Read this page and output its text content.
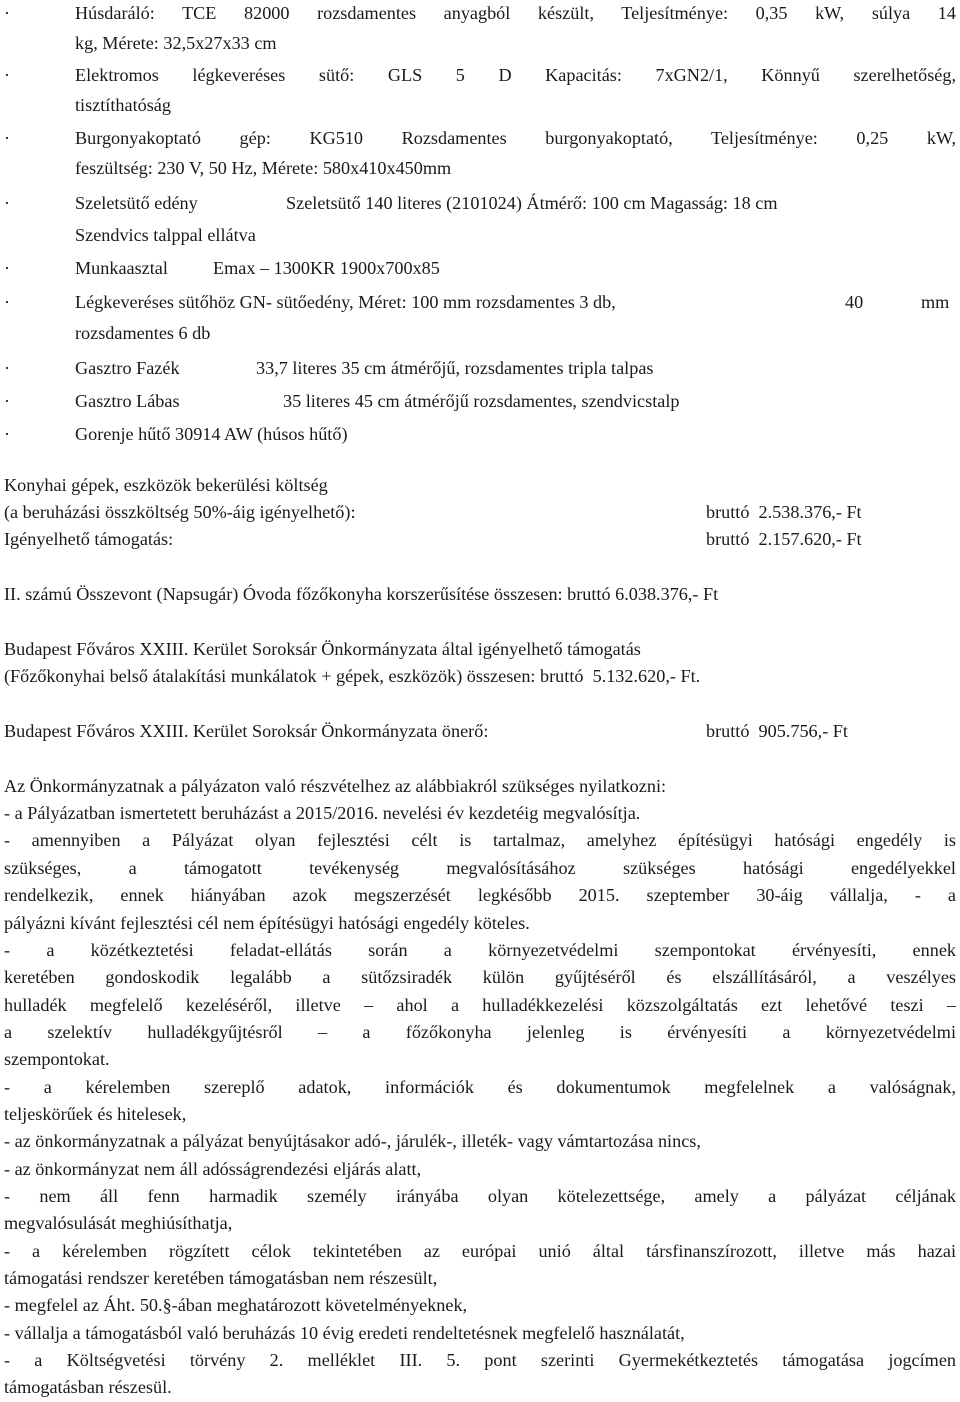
·	Húsdaráló: TCE 82000 rozsdamentes anyagból készült, Teljesítménye: 0,35 kW, súlya 14
kg, Mérete: 32,5x27x33 cm
·	Elektromos légkeveréses sütő: GLS 5 D Kapacitás: 7xGN2/1, Könnyű szerelhetőség,
tisztíthatóság
·	Burgonyakoptató gép: KG510 Rozsdamentes burgonyakoptató, Teljesítménye: 0,25 kW,
feszültség: 230 V, 50 Hz, Mérete: 580x410x450mm
·	Szeletsütő edény	Szeletsütő 140 literes (2101024) Átmérő: 100 cm Magasság: 18 cm
Szendvics talppal ellátva
·	Munkaasztal Emax – 1300KR 1900x700x85
·	Légkeveréses sütőhöz GN- sütőedény, Méret: 100 mm rozsdamentes 3 db,	40	mm
rozsdamentes 6 db
·	Gasztro Fazék	33,7 literes 35 cm átmérőjű, rozsdamentes tripla talpas
·	Gasztro Lábas	35 literes 45 cm átmérőjű rozsdamentes, szendvicstalp
·	Gorenje hűtő 30914 AW (húsos hűtő)
Konyhai gépek, eszközök bekerülési költség
(a beruházási összköltség 50%-áig igényelhető):	bruttó  2.538.376,- Ft
Igényelhető támogatás:	bruttó  2.157.620,- Ft
II. számú Összevont (Napsugár) Óvoda főzőkonyha korszerűsítése összesen: bruttó 6.038.376,- Ft
Budapest Főváros XXIII. Kerület Soroksár Önkormányzata által igényelhető támogatás
(Főzőkonyhai belső átalakítási munkálatok + gépek, eszközök) összesen: bruttó  5.132.620,- Ft.
Budapest Főváros XXIII. Kerület Soroksár Önkormányzata önerő:	bruttó  905.756,- Ft
Az Önkormányzatnak a pályázaton való részvételhez az alábbiakról szükséges nyilatkozni:
- a Pályázatban ismertetett beruházást a 2015/2016. nevelési év kezdetéig megvalósítja.
- amennyiben a Pályázat olyan fejlesztési célt is tartalmaz, amelyhez építésügyi hatósági engedély is
szükséges, a támogatott tevékenység megvalósításához szükséges hatósági engedélyekkel
rendelkezik, ennek hiányában azok megszerzését legkésőbb 2015. szeptember 30-áig vállalja, - a
pályázni kívánt fejlesztési cél nem építésügyi hatósági engedély köteles.
- a közétkeztetési feladat-ellátás során a környezetvédelmi szempontokat érvényesíti, ennek
keretében gondoskodik legalább a sütőzsiradék külön gyűjtéséről és elszállításáról, a veszélyes
hulladék megfelelő kezeléséről, illetve – ahol a hulladékkezelési közszolgáltatás ezt lehetővé teszi –
a szelektív hulladékgyűjtésről – a főzőkonyha jelenleg is érvényesíti a környezetvédelmi
szempontokat.
- a kérelemben szereplő adatok, információk és dokumentumok megfelelnek a valóságnak,
teljeskörűek és hitelesek,
- az önkormányzatnak a pályázat benyújtásakor adó-, járulék-, illeték- vagy vámtartozása nincs,
- az önkormányzat nem áll adósságrendezési eljárás alatt,
- nem áll fenn harmadik személy irányába olyan kötelezettsége, amely a pályázat céljának
megvalósulását meghiúsíthatja,
- a kérelemben rögzített célok tekintetében az európai unió által társfinanszírozott, illetve más hazai
támogatási rendszer keretében támogatásban nem részesült,
- megfelel az Áht. 50.§-ában meghatározott követelményeknek,
- vállalja a támogatásból való beruházás 10 évig eredeti rendeltetésnek megfelelő használatát,
- a Költségvetési törvény 2. melléklet III. 5. pont szerinti Gyermekétkeztetés támogatása jogcímen
támogatásban részesül.
